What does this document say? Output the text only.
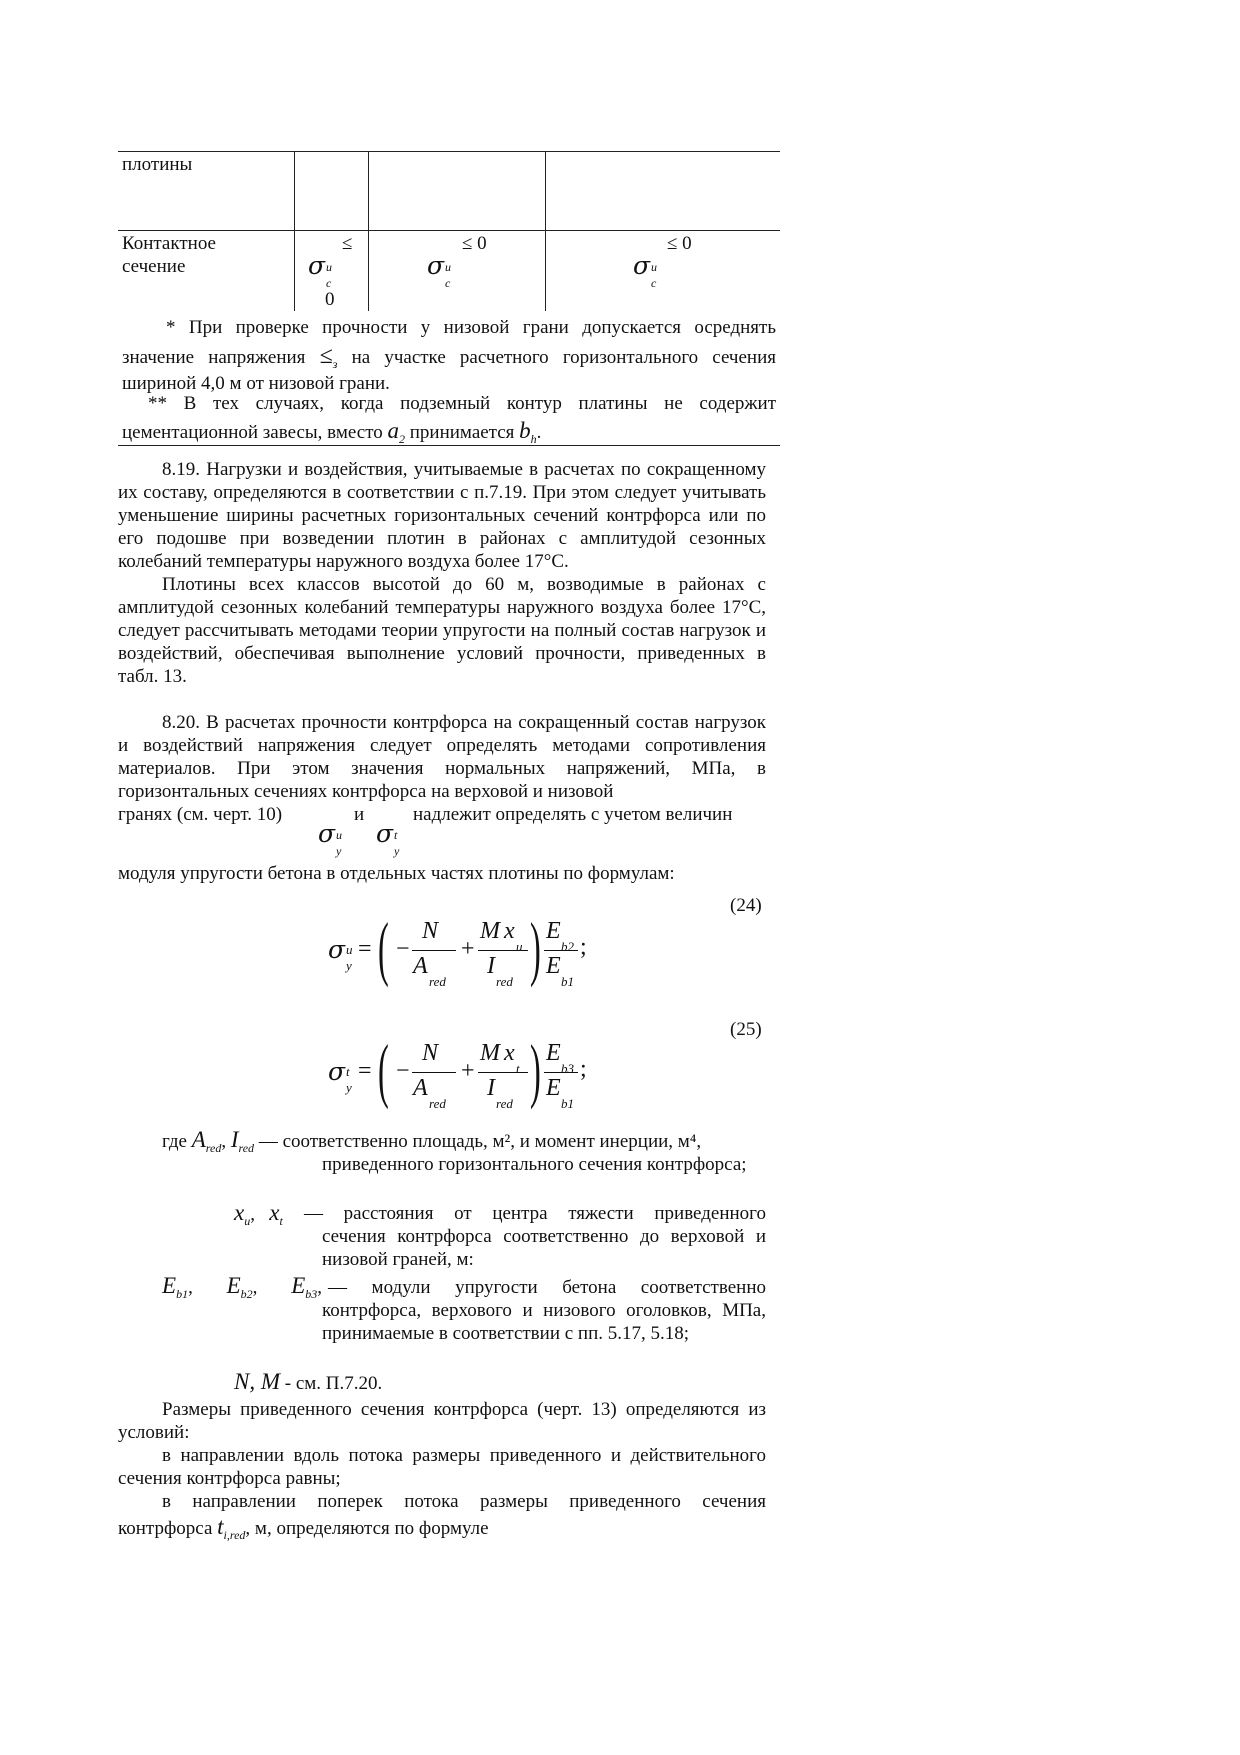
плотины
Контактное
сечение
≤
σ u
c
0
≤ 0
σ u
c
≤ 0
σ u
c

* При проверке прочности у низовой грани допускается осреднять

значение напряжения $\le_з$ на участке расчетного горизонтального сечения

шириной 4,0 м от низовой грани.

** В тех случаях, когда подземный контур платины не содержит

цементационной завесы, вместо $a_2$ принимается $b_h$.

8.19. Нагрузки и воздействия, учитываемые в расчетах по сокращенному их составу, определяются в соответствии с п.7.19. При этом следует учитывать уменьшение ширины расчетных горизонтальных сечений контрфорса или по его подошве при возведении плотин в районах с амплитудой сезонных колебаний температуры наружного воздуха более 17°С.

Плотины всех классов высотой до 60 м, возводимые в районах с амплитудой сезонных колебаний температуры наружного воздуха более 17°С, следует рассчитывать методами теории упругости на полный состав нагрузок и воздействий, обеспечивая выполнение условий прочности, приведенных в табл. 13.

8.20. В расчетах прочности контрфорса на сокращенный состав нагрузок и воздействий напряжения следует определять методами сопротивления материалов. При этом значения нормальных напряжений, МПа, в горизонтальных сечениях контрфорса на верховой и низовой

гранях (см. черт. 10)	и	надлежит определять с учетом величин
σ u
y
σ t
y
модуля упругости бетона в отдельных частях плотины по формулам:
(24)
σ u
y
= ( −
N
A
red
+
M x
u
I
red ) E
b2
E
b1
;
(25)
σ t
y
= ( −
N
A
red
+
M x
t
I
red ) E
b3
E
b1
;
где $A_{red}$, $I_{red}$ — соответственно площадь, м², и момент инерции, м⁴,
приведенного горизонтального сечения контрфорса;
$x_u$,   $x_t$ — расстояния от центра тяжести приведенного
сечения контрфорса соответственно до верховой и низовой граней, м:
$E_{b1}$, $E_{b2}$, $E_{b3}$, — модули упругости бетона соответственно
контрфорса, верхового и низового оголовков, МПа, принимаемые в соответствии с пп. 5.17, 5.18;
N, M - см. П.7.20.

Размеры приведенного сечения контрфорса (черт. 13) определяются из условий:

в направлении вдоль потока размеры приведенного и действительного сечения контрфорса равны;

в направлении поперек потока размеры приведенного сечения

контрфорса $t_{i,red}$, м, определяются по формуле
